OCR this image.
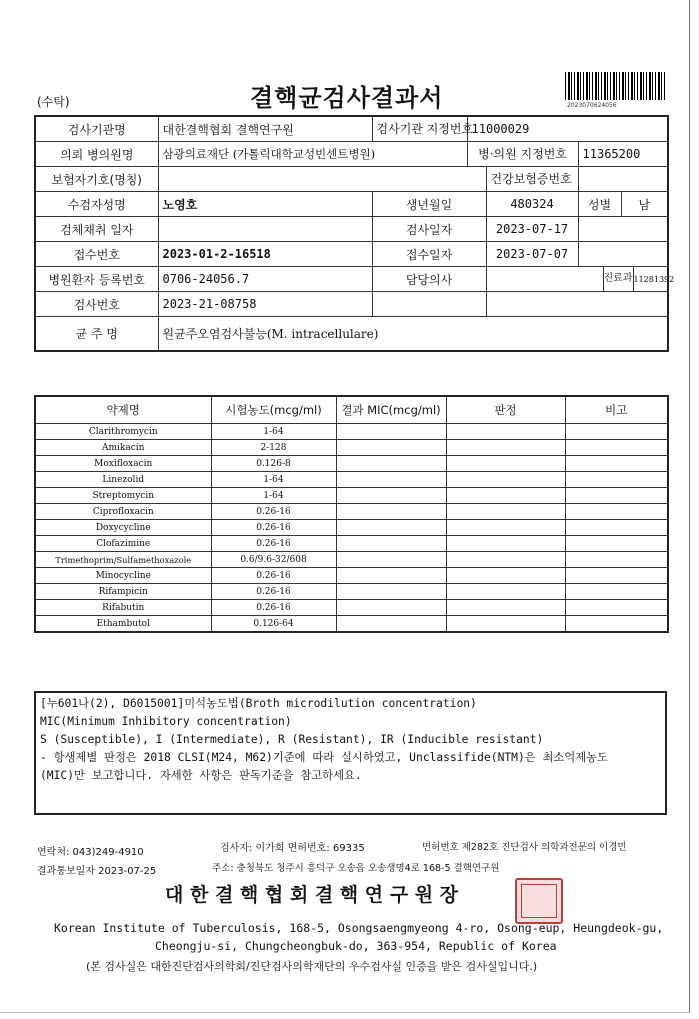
(수탁)	결핵균검사결과서	2023070624056
검사기관명	대한결핵협회 결핵연구원	검사기관 지정번호	11000029				
의뢰 병의원명	삼광의료재단 (가톨릭대학교성빈센트병원)		병·의원 지정번호		11365200		
보험자기호(명칭)				건강보험증번호			
수검자성명	노영호	생년월일		480324	성별		남
검체채취 일자		검사일자		2023-07-17			
접수번호	2023-01-2-16518	접수일자		2023-07-07			
병원환자 등록번호	0706-24056.7	담당의사				진료과 11281392	

검사번호	2023-21-08758						
균 주 명	원균주오염검사불능(M. intracellulare)						
약제명	시험농도(mcg/ml)	결과 MIC(mcg/ml)	판정	비고
Clarithromycin	1-64			
Amikacin	2-128			
Moxifloxacin	0.126-8			
Linezolid	1-64			
Streptomycin	1-64			
Ciprofloxacin	0.26-16			
Doxycycline	0.26-16			
Clofazimine	0.26-16			
Trimethoprim/Sulfamethoxazole	0.6/9.6-32/608			
Minocycline	0.26-16			
Rifampicin	0.26-16			
Rifabutin	0.26-16			
Ethambutol	0.126-64			
[누601나(2), D6015001]미석농도법(Broth microdilution concentration)
MIC(Minimum Inhibitory concentration)
S (Susceptible), I (Intermediate), R (Resistant), IR (Inducible resistant)
- 항생제별 판정은 2018 CLSI(M24, M62)기준에 따라 실시하였고, Unclassifide(NTM)은 최소억제농도
(MIC)만 보고합니다. 자세한 사항은 판독기준을 참고하세요.
연락처: 043)249-4910	검사자: 이가희 면허번호: 69335	면허번호 제282호 진단검사 의학과전문의 이경민
결과통보일자 2023-07-25	주소: 충청북도 청주시 흥덕구 오송읍 오송생명4로 168-5 결핵연구원
대 한 결 핵 협 회 결 핵 연 구 원 장
Korean Institute of Tuberculosis, 168-5, Osongsaengmyeong 4-ro, Osong-eup, Heungdeok-gu,
Cheongju-si, Chungcheongbuk-do, 363-954, Republic of Korea
(본 검사실은 대한진단검사의학회/진단검사의학재단의 우수검사실 인증을 받은 검사실입니다.)
